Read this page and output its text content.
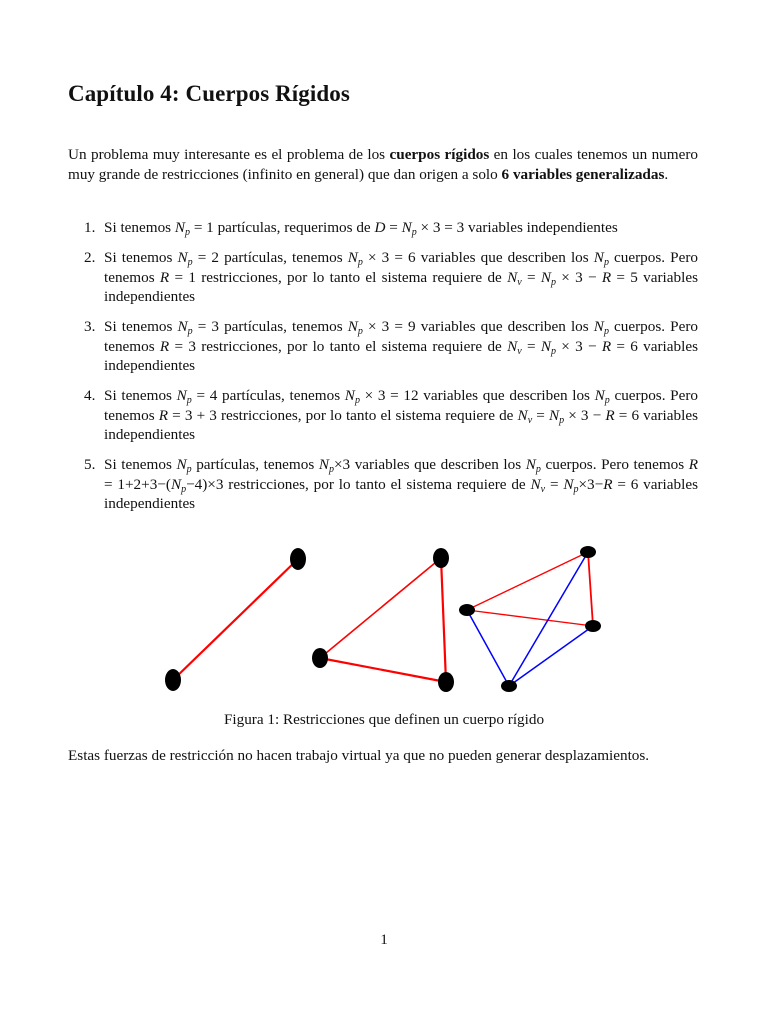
Capítulo 4: Cuerpos Rígidos

Un problema muy interesante es el problema de los cuerpos rígidos en los cuales tenemos un numero muy grande de restricciones (infinito en general) que dan origen a solo 6 variables generalizadas.

1. Si tenemos $N_p = 1$ partículas, requerimos de $D = N_p \times 3 = 3$ variables independientes
2. Si tenemos $N_p = 2$ partículas, tenemos $N_p \times 3 = 6$ variables que describen los $N_p$ cuerpos. Pero tenemos R = 1 restricciones, por lo tanto el sistema requiere de $N_v = N_p \times 3 - R = 5$ variables independientes
3. Si tenemos $N_p = 3$ partículas, tenemos $N_p \times 3 = 9$ variables que describen los $N_p$ cuerpos. Pero tenemos R = 3 restricciones, por lo tanto el sistema requiere de $N_v = N_p \times 3 - R = 6$ variables independientes
4. Si tenemos $N_p = 4$ partículas, tenemos $N_p \times 3 = 12$ variables que describen los $N_p$ cuerpos. Pero tenemos R = 3 + 3 restricciones, por lo tanto el sistema requiere de $N_v = N_p \times 3 - R = 6$ variables independientes
5. Si tenemos $N_p$ partículas, tenemos $N_p\times 3$ variables que describen los $N_p$ cuerpos. Pero tenemos $R = 1+2+3-(N_p-4)\times 3$ restricciones, por lo tanto el sistema requiere de $N_v = N_p\times 3-R = 6$ variables independientes

Figura 1: Restricciones que definen un cuerpo rígido

Estas fuerzas de restricción no hacen trabajo virtual ya que no pueden generar desplazamientos.

1
